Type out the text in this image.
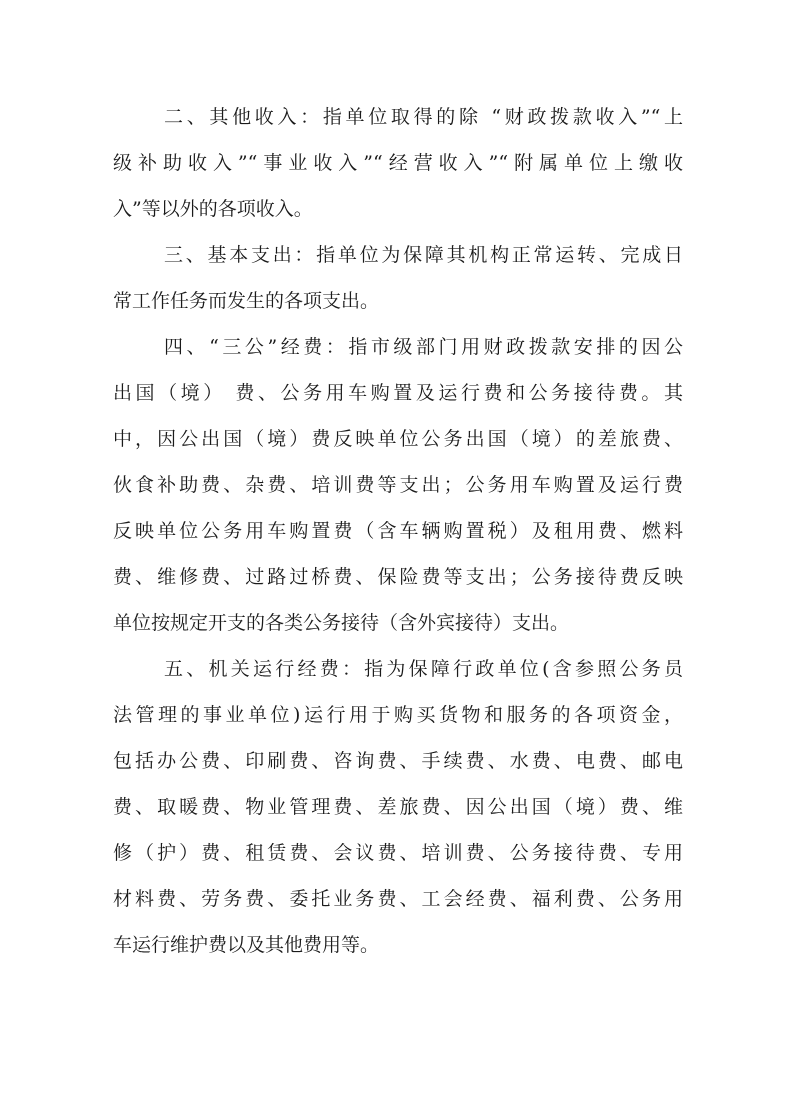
二、其他收入：指单位取得的除 “财政拨款收入”“上
级补助收入”“事业收入”“经营收入”“附属单位上缴收
入”等以外的各项收入。
三、基本支出：指单位为保障其机构正常运转、完成日
常工作任务而发生的各项支出。
四、“三公”经费：指市级部门用财政拨款安排的因公
出国（境） 费、公务用车购置及运行费和公务接待费。其
中，因公出国（境）费反映单位公务出国（境）的差旅费、
伙食补助费、杂费、培训费等支出；公务用车购置及运行费
反映单位公务用车购置费（含车辆购置税）及租用费、燃料
费、维修费、过路过桥费、保险费等支出；公务接待费反映
单位按规定开支的各类公务接待（含外宾接待）支出。
五、机关运行经费：指为保障行政单位(含参照公务员
法管理的事业单位)运行用于购买货物和服务的各项资金，
包括办公费、印刷费、咨询费、手续费、水费、电费、邮电
费、取暖费、物业管理费、差旅费、因公出国（境）费、维
修（护）费、租赁费、会议费、培训费、公务接待费、专用
材料费、劳务费、委托业务费、工会经费、福利费、公务用
车运行维护费以及其他费用等。
